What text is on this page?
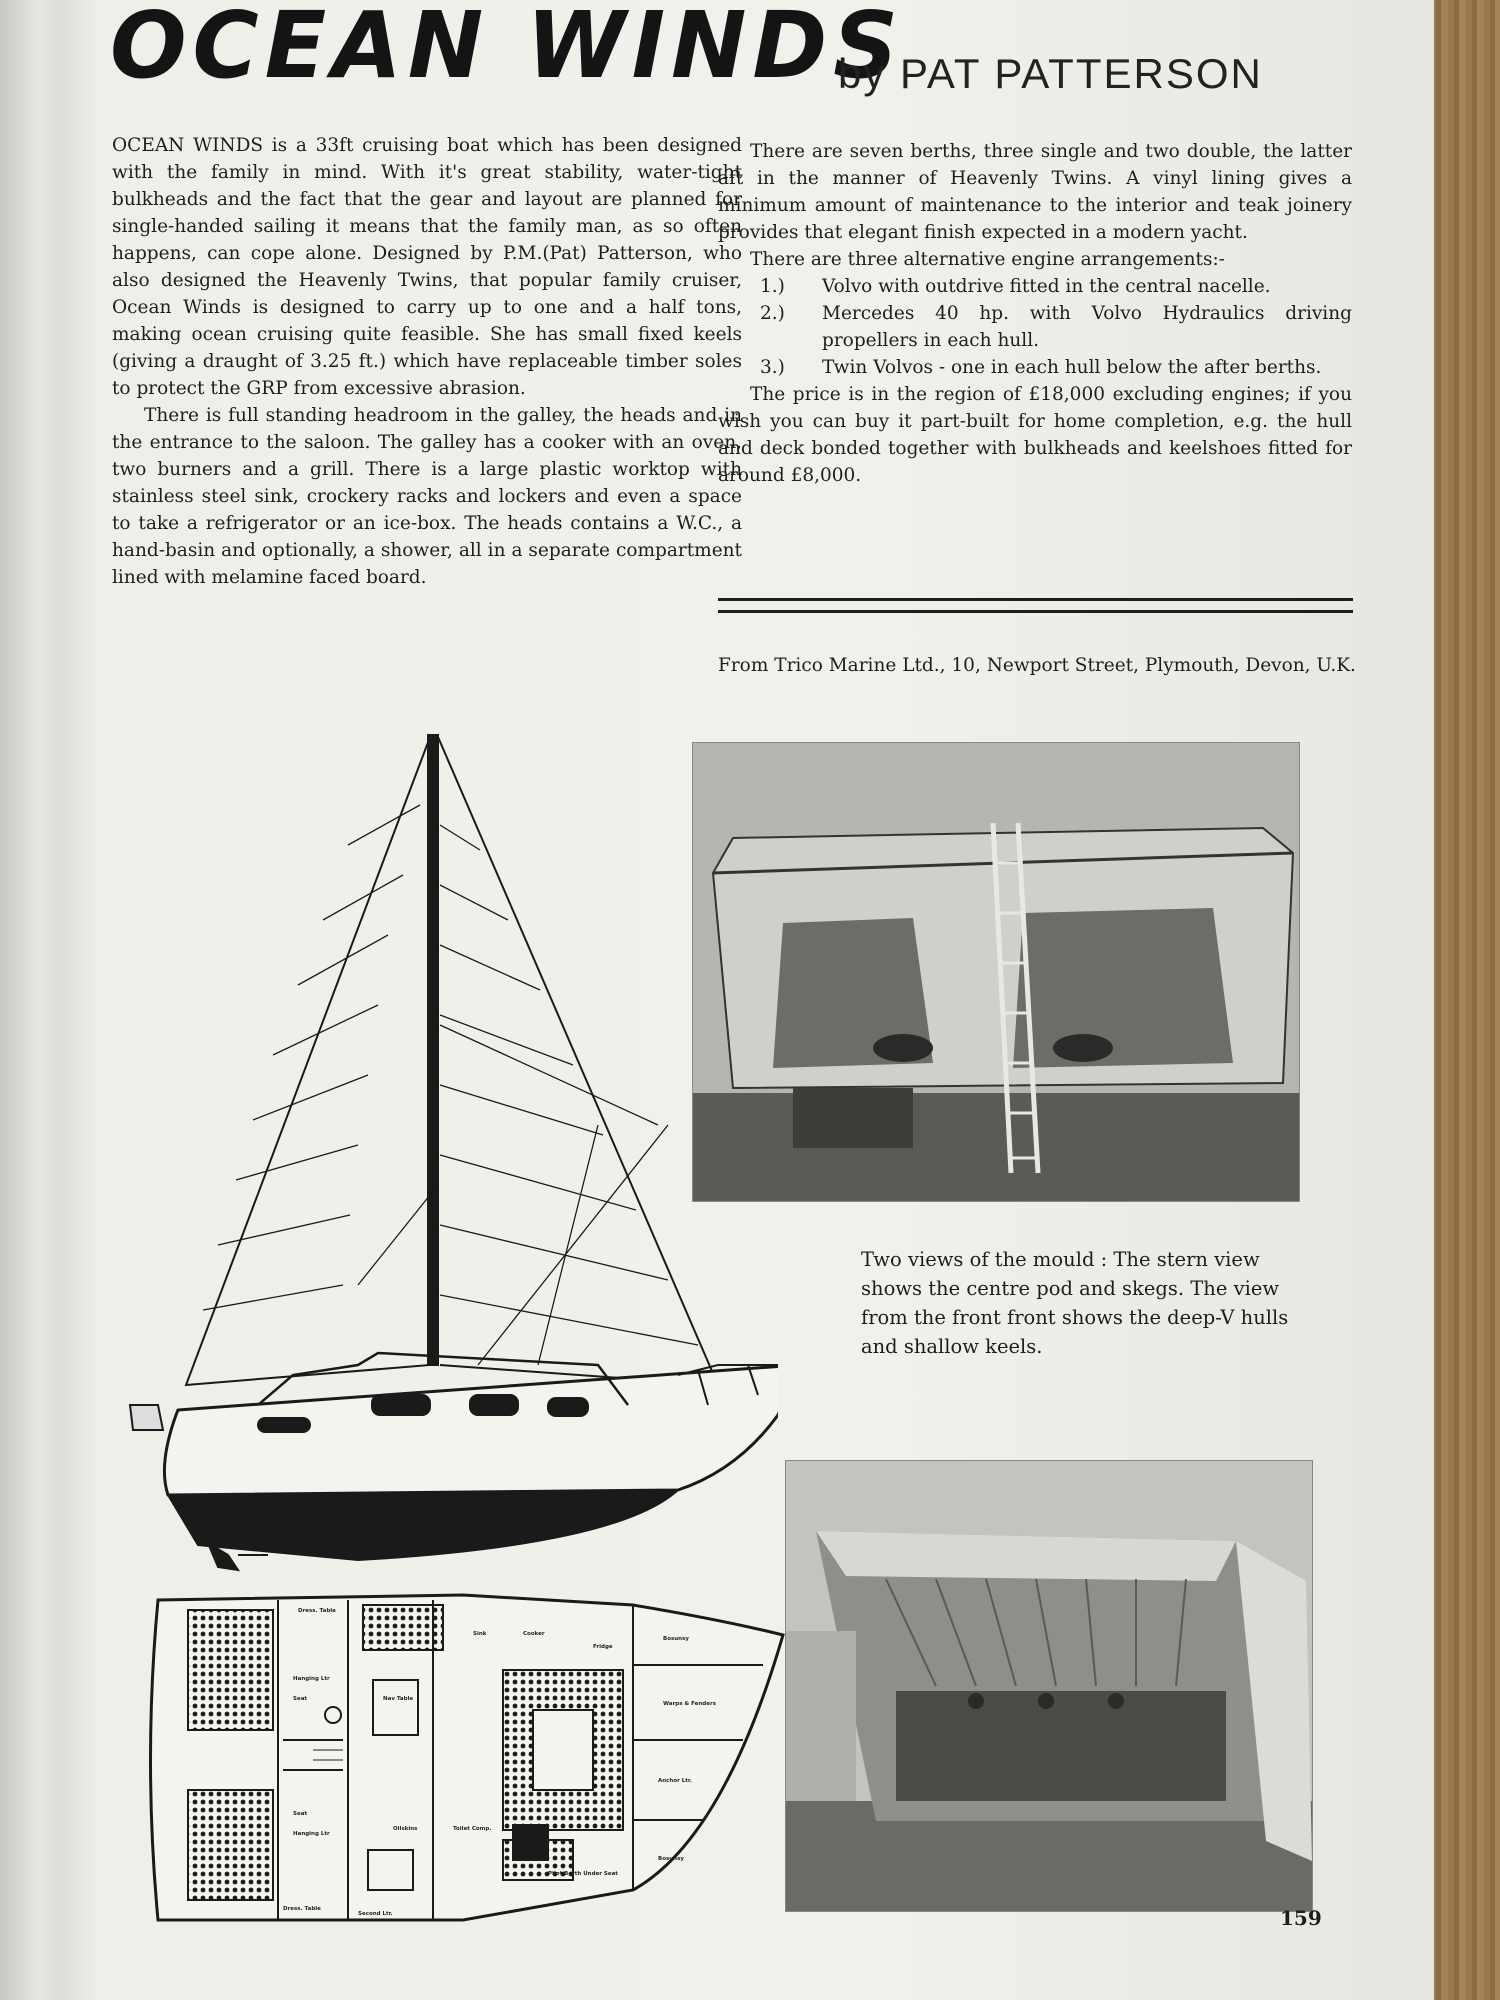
OCEAN WINDS
by PAT PATTERSON

OCEAN WINDS is a 33ft cruising boat which has been designed with the family in mind. With it's great stability, water-tight bulkheads and the fact that the gear and layout are planned for single-handed sailing it means that the family man, as so often happens, can cope alone. Designed by P.M.(Pat) Patterson, who also designed the Heavenly Twins, that popular family cruiser, Ocean Winds is designed to carry up to one and a half tons, making ocean cruising quite feasible. She has small fixed keels (giving a draught of 3.25 ft.) which have replaceable timber soles to protect the GRP from excessive abrasion.

There is full standing headroom in the galley, the heads and in the entrance to the saloon. The galley has a cooker with an oven, two burners and a grill. There is a large plastic worktop with stainless steel sink, crockery racks and lockers and even a space to take a refrigerator or an ice-box. The heads contains a W.C., a hand-basin and optionally, a shower, all in a separate compartment lined with melamine faced board.

There are seven berths, three single and two double, the latter aft in the manner of Heavenly Twins. A vinyl lining gives a minimum amount of maintenance to the interior and teak joinery provides that elegant finish expected in a modern yacht.

There are three alternative engine arrangements:-

1.)	Volvo with outdrive fitted in the central nacelle.
2.)	Mercedes 40 hp. with Volvo Hydraulics driving propellers in each hull.
3.)	Twin Volvos - one in each hull below the after berths.

The price is in the region of £18,000 excluding engines; if you wish you can buy it part-built for home completion, e.g. the hull and deck bonded together with bulkheads and keelshoes fitted for around £8,000.

From Trico Marine Ltd., 10, Newport Street, Plymouth, Devon, U.K.
Dress. Table
Hanging Ltr
Seat	Nav Table
Sink	Cooker
Fridge
Bosunsy
Warps & Fenders
Anchor Ltr.
Bosunsy
Pilot Berth Under Seat
Toilet Comp.
Oilskins
Seat
Hanging Ltr
Dress. Table
Second Ltr.
Two views of the mould : The stern view shows the centre pod and skegs. The view from the front front shows the deep-V hulls and shallow keels.
159
